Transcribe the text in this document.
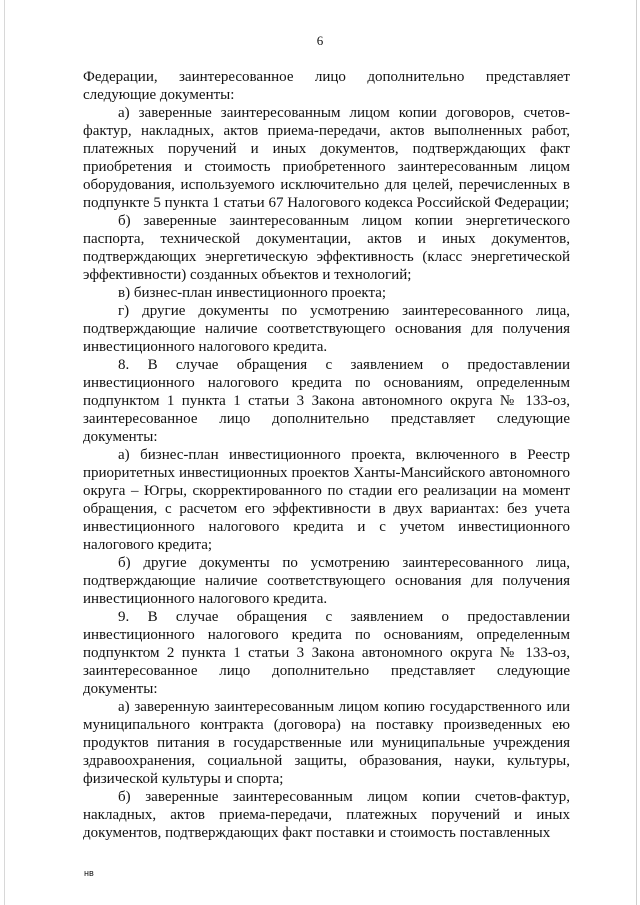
6

Федерации, заинтересованное лицо дополнительно представляет следующие документы:

а) заверенные заинтересованным лицом копии договоров, счетов-фактур, накладных, актов приема-передачи, актов выполненных работ, платежных поручений и иных документов, подтверждающих факт приобретения и стоимость приобретенного заинтересованным лицом оборудования, используемого исключительно для целей, перечисленных в подпункте 5 пункта 1 статьи 67 Налогового кодекса Российской Федерации;

б) заверенные заинтересованным лицом копии энергетического паспорта, технической документации, актов и иных документов, подтверждающих энергетическую эффективность (класс энергетической эффективности) созданных объектов и технологий;

в) бизнес-план инвестиционного проекта;

г) другие документы по усмотрению заинтересованного лица, подтверждающие наличие соответствующего основания для получения инвестиционного налогового кредита.

8. В случае обращения с заявлением о предоставлении инвестиционного налогового кредита по основаниям, определенным подпунктом 1 пункта 1 статьи 3 Закона автономного округа № 133-оз, заинтересованное лицо дополнительно представляет следующие документы:

а) бизнес-план инвестиционного проекта, включенного в Реестр приоритетных инвестиционных проектов Ханты-Мансийского автономного округа – Югры, скорректированного по стадии его реализации на момент обращения, с расчетом его эффективности в двух вариантах: без учета инвестиционного налогового кредита и с учетом инвестиционного налогового кредита;

б) другие документы по усмотрению заинтересованного лица, подтверждающие наличие соответствующего основания для получения инвестиционного налогового кредита.

9. В случае обращения с заявлением о предоставлении инвестиционного налогового кредита по основаниям, определенным подпунктом 2 пункта 1 статьи 3 Закона автономного округа № 133-оз, заинтересованное лицо дополнительно представляет следующие документы:

а) заверенную заинтересованным лицом копию государственного или муниципального контракта (договора) на поставку произведенных ею продуктов питания в государственные или муниципальные учреждения здравоохранения, социальной защиты, образования, науки, культуры, физической культуры и спорта;

б) заверенные заинтересованным лицом копии счетов-фактур, накладных, актов приема-передачи, платежных поручений и иных документов, подтверждающих факт поставки и стоимость поставленных

нв
